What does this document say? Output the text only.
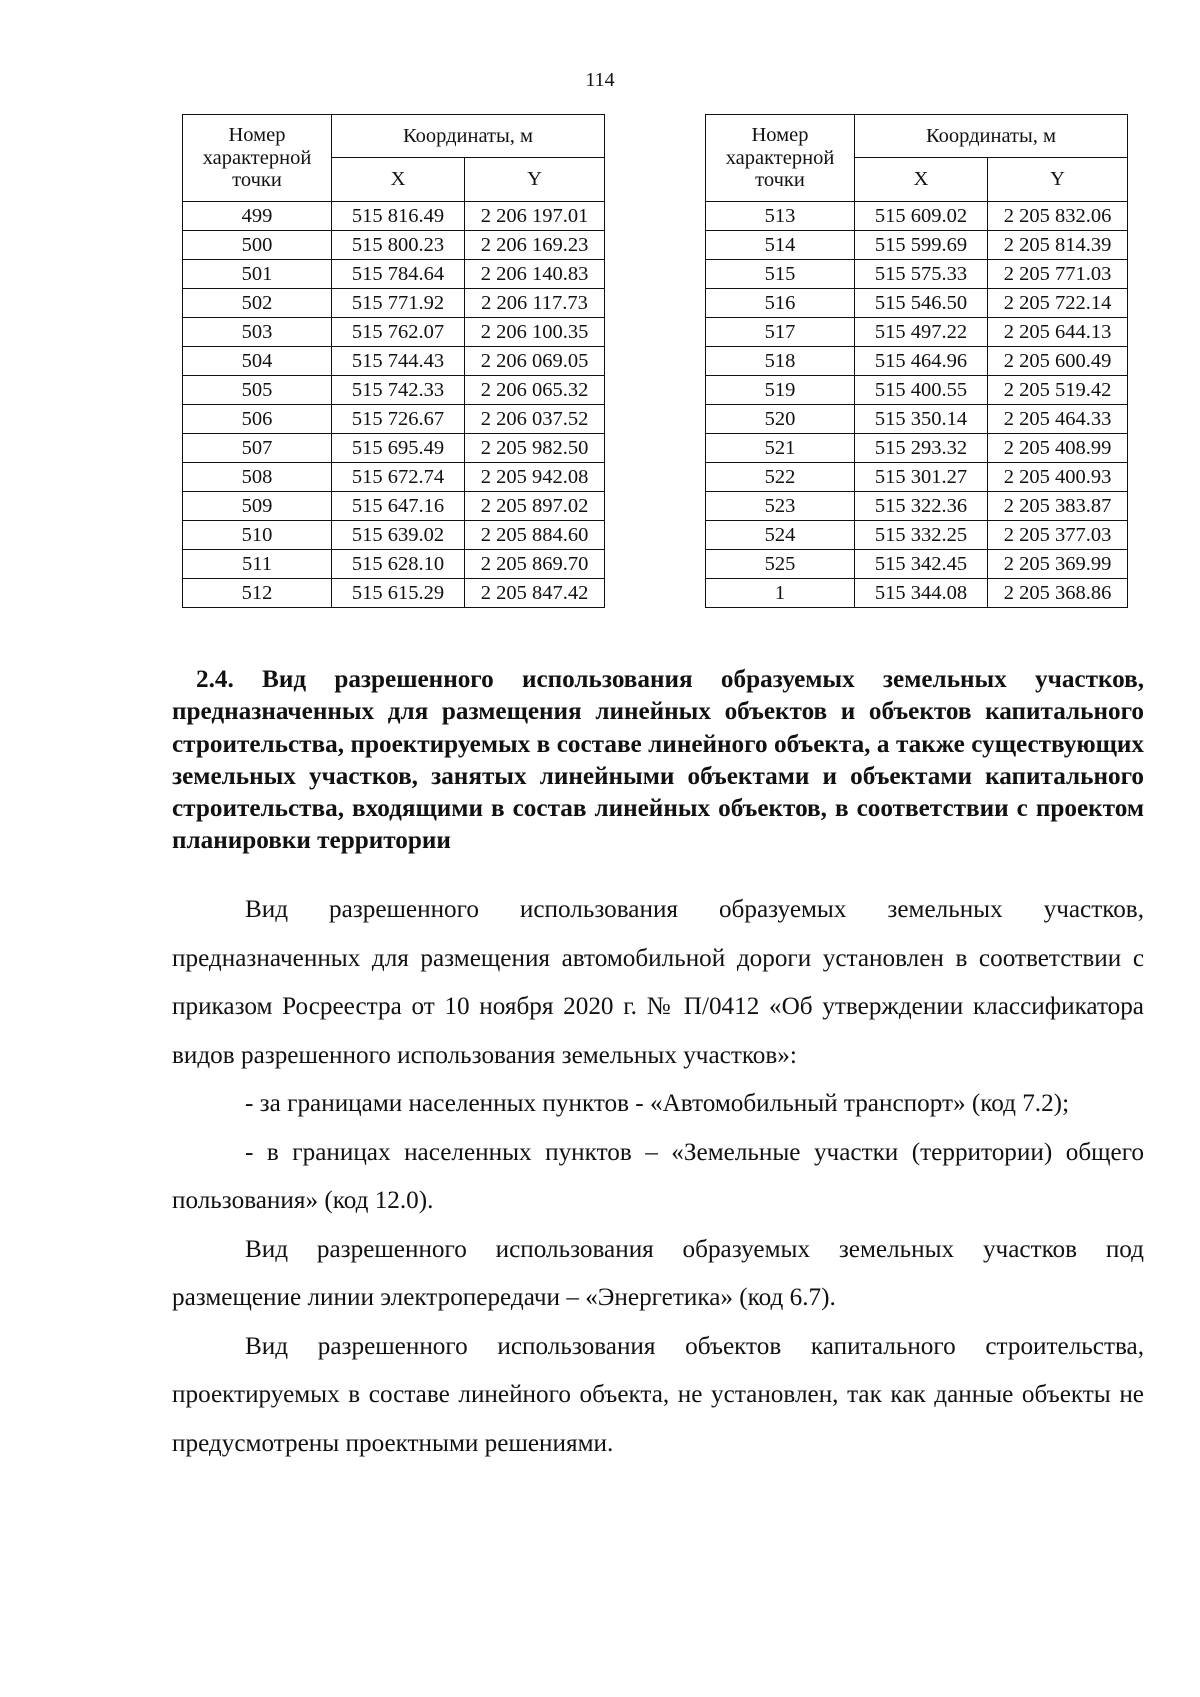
114
Номер характерной точки	Координаты, м	
	X	Y
499	515 816.49	2 206 197.01
500	515 800.23	2 206 169.23
501	515 784.64	2 206 140.83
502	515 771.92	2 206 117.73
503	515 762.07	2 206 100.35
504	515 744.43	2 206 069.05
505	515 742.33	2 206 065.32
506	515 726.67	2 206 037.52
507	515 695.49	2 205 982.50
508	515 672.74	2 205 942.08
509	515 647.16	2 205 897.02
510	515 639.02	2 205 884.60
511	515 628.10	2 205 869.70
512	515 615.29	2 205 847.42
Номер характерной точки	Координаты, м	
	X	Y
513	515 609.02	2 205 832.06
514	515 599.69	2 205 814.39
515	515 575.33	2 205 771.03
516	515 546.50	2 205 722.14
517	515 497.22	2 205 644.13
518	515 464.96	2 205 600.49
519	515 400.55	2 205 519.42
520	515 350.14	2 205 464.33
521	515 293.32	2 205 408.99
522	515 301.27	2 205 400.93
523	515 322.36	2 205 383.87
524	515 332.25	2 205 377.03
525	515 342.45	2 205 369.99
1	515 344.08	2 205 368.86

2.4. Вид разрешенного использования образуемых земельных участков, предназначенных для размещения линейных объектов и объектов капитального строительства, проектируемых в составе линейного объекта, а также существующих земельных участков, занятых линейными объектами и объектами капитального строительства, входящими в состав линейных объектов, в соответствии с проектом планировки территории

Вид разрешенного использования образуемых земельных участков, предназначенных для размещения автомобильной дороги установлен в соответствии с приказом Росреестра от 10 ноября 2020 г. № П/0412 «Об утверждении классификатора видов разрешенного использования земельных участков»:

- за границами населенных пунктов - «Автомобильный транспорт» (код 7.2);

- в границах населенных пунктов – «Земельные участки (территории) общего пользования» (код 12.0).

Вид разрешенного использования образуемых земельных участков под размещение линии электропередачи – «Энергетика» (код 6.7).

Вид разрешенного использования объектов капитального строительства, проектируемых в составе линейного объекта, не установлен, так как данные объекты не предусмотрены проектными решениями.
